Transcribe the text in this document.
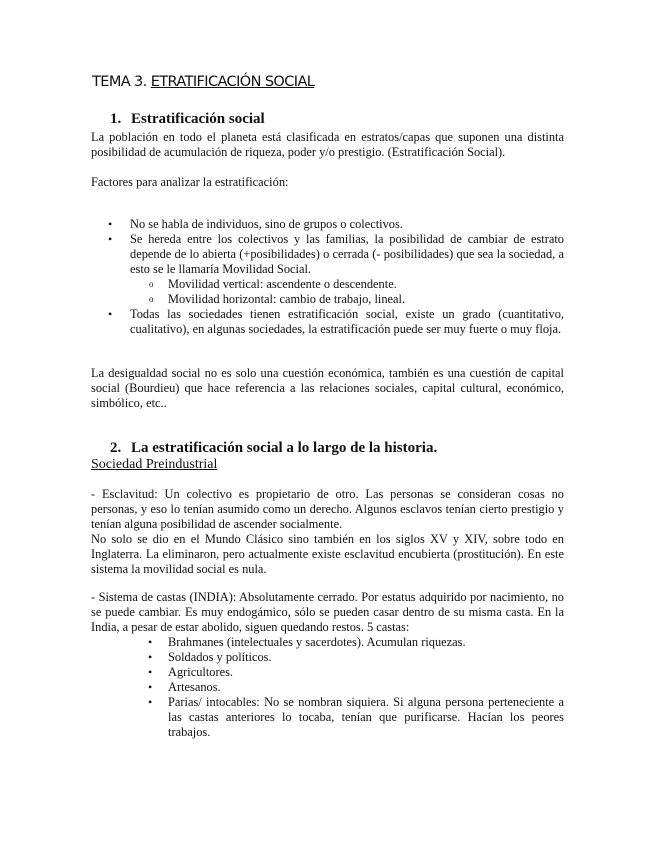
TEMA 3. ETRATIFICACIÓN SOCIAL
1. Estratificación social
La población en todo el planeta está clasificada en estratos/capas que suponen una distinta posibilidad de acumulación de riqueza, poder y/o prestigio. (Estratificación Social).
Factores para analizar la estratificación:
• No se habla de individuos, sino de grupos o colectivos.
• Se hereda entre los colectivos y las familias, la posibilidad de cambiar de estrato depende de lo abierta (+posibilidades) o cerrada (- posibilidades) que sea la sociedad, a esto se le llamaría Movilidad Social.
o Movilidad vertical: ascendente o descendente.
o Movilidad horizontal: cambio de trabajo, lineal.
• Todas las sociedades tienen estratificación social, existe un grado (cuantitativo, cualitativo), en algunas sociedades, la estratificación puede ser muy fuerte o muy floja.
La desigualdad social no es solo una cuestión económica, también es una cuestión de capital social (Bourdieu) que hace referencia a las relaciones sociales, capital cultural, económico, simbólico, etc..
2. La estratificación social a lo largo de la historia.
Sociedad Preindustrial
- Esclavitud: Un colectivo es propietario de otro. Las personas se consideran cosas no personas, y eso lo tenían asumido como un derecho. Algunos esclavos tenían cierto prestigio y tenían alguna posibilidad de ascender socialmente.
No solo se dio en el Mundo Clásico sino también en los siglos XV y XIV, sobre todo en Inglaterra. La eliminaron, pero actualmente existe esclavitud encubierta (prostitución). En este sistema la movilidad social es nula.
- Sistema de castas (INDIA): Absolutamente cerrado. Por estatus adquirido por nacimiento, no se puede cambiar. Es muy endogámico, sólo se pueden casar dentro de su misma casta. En la India, a pesar de estar abolido, siguen quedando restos. 5 castas:
• Brahmanes (intelectuales y sacerdotes). Acumulan riquezas.
• Soldados y políticos.
• Agricultores.
• Artesanos.
• Parias/ intocables: No se nombran siquiera. Si alguna persona perteneciente a las castas anteriores lo tocaba, tenían que purificarse. Hacían los peores trabajos.
